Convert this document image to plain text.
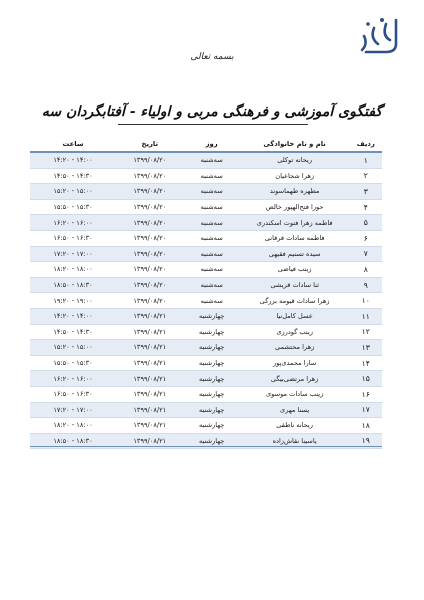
بسمه تعالی
گفتگوی آموزشی و فرهنگی مربی و اولیاء - آفتابگردان سه
ردیف	نام و نام خانوادگی	روز	تاریخ	ساعت
۱	ریحانه توکلی	سه‌شنبه	۱۳۹۹/۰۸/۲۰	۱۴:۰۰ - ۱۴:۲۰
۲	زهرا شجاعیان	سه‌شنبه	۱۳۹۹/۰۸/۲۰	۱۴:۳۰ - ۱۴:۵۰
۳	مطهره طهماسوند	سه‌شنبه	۱۳۹۹/۰۸/۲۰	۱۵:۰۰ - ۱۵:۲۰
۴	حورا فتح‌الهپور خالص	سه‌شنبه	۱۳۹۹/۰۸/۲۰	۱۵:۳۰ - ۱۵:۵۰
۵	فاطمه زهرا فتوت اسکندری	سه‌شنبه	۱۳۹۹/۰۸/۲۰	۱۶:۰۰ - ۱۶:۲۰
۶	فاطمه سادات فرقانی	سه‌شنبه	۱۳۹۹/۰۸/۲۰	۱۶:۳۰ - ۱۶:۵۰
۷	سیده تسنیم فقیهی	سه‌شنبه	۱۳۹۹/۰۸/۲۰	۱۷:۰۰ - ۱۷:۲۰
۸	زینب فیاضی	سه‌شنبه	۱۳۹۹/۰۸/۲۰	۱۸:۰۰ - ۱۸:۲۰
۹	ثنا سادات قریشی	سه‌شنبه	۱۳۹۹/۰۸/۲۰	۱۸:۳۰ - ۱۸:۵۰
۱۰	زهرا سادات قیومه بزرگی	سه‌شنبه	۱۳۹۹/۰۸/۲۰	۱۹:۰۰ - ۱۹:۲۰
۱۱	عسل کامل‌نیا	چهارشنبه	۱۳۹۹/۰۸/۲۱	۱۴:۰۰ - ۱۴:۲۰
۱۲	زینب گودرزی	چهارشنبه	۱۳۹۹/۰۸/۲۱	۱۴:۳۰ - ۱۴:۵۰
۱۳	زهرا محتشمی	چهارشنبه	۱۳۹۹/۰۸/۲۱	۱۵:۰۰ - ۱۵:۲۰
۱۴	سارا محمدی‌پور	چهارشنبه	۱۳۹۹/۰۸/۲۱	۱۵:۳۰ - ۱۵:۵۰
۱۵	زهرا مرتضی‌بیگی	چهارشنبه	۱۳۹۹/۰۸/۲۱	۱۶:۰۰ - ۱۶:۲۰
۱۶	زینب سادات موسوی	چهارشنبه	۱۳۹۹/۰۸/۲۱	۱۶:۳۰ - ۱۶:۵۰
۱۷	یسنا مهری	چهارشنبه	۱۳۹۹/۰۸/۲۱	۱۷:۰۰ - ۱۷:۲۰
۱۸	ریحانه ناطقی	چهارشنبه	۱۳۹۹/۰۸/۲۱	۱۸:۰۰ - ۱۸:۲۰
۱۹	یاسینا نقاش‌زاده	چهارشنبه	۱۳۹۹/۰۸/۲۱	۱۸:۳۰ - ۱۸:۵۰
